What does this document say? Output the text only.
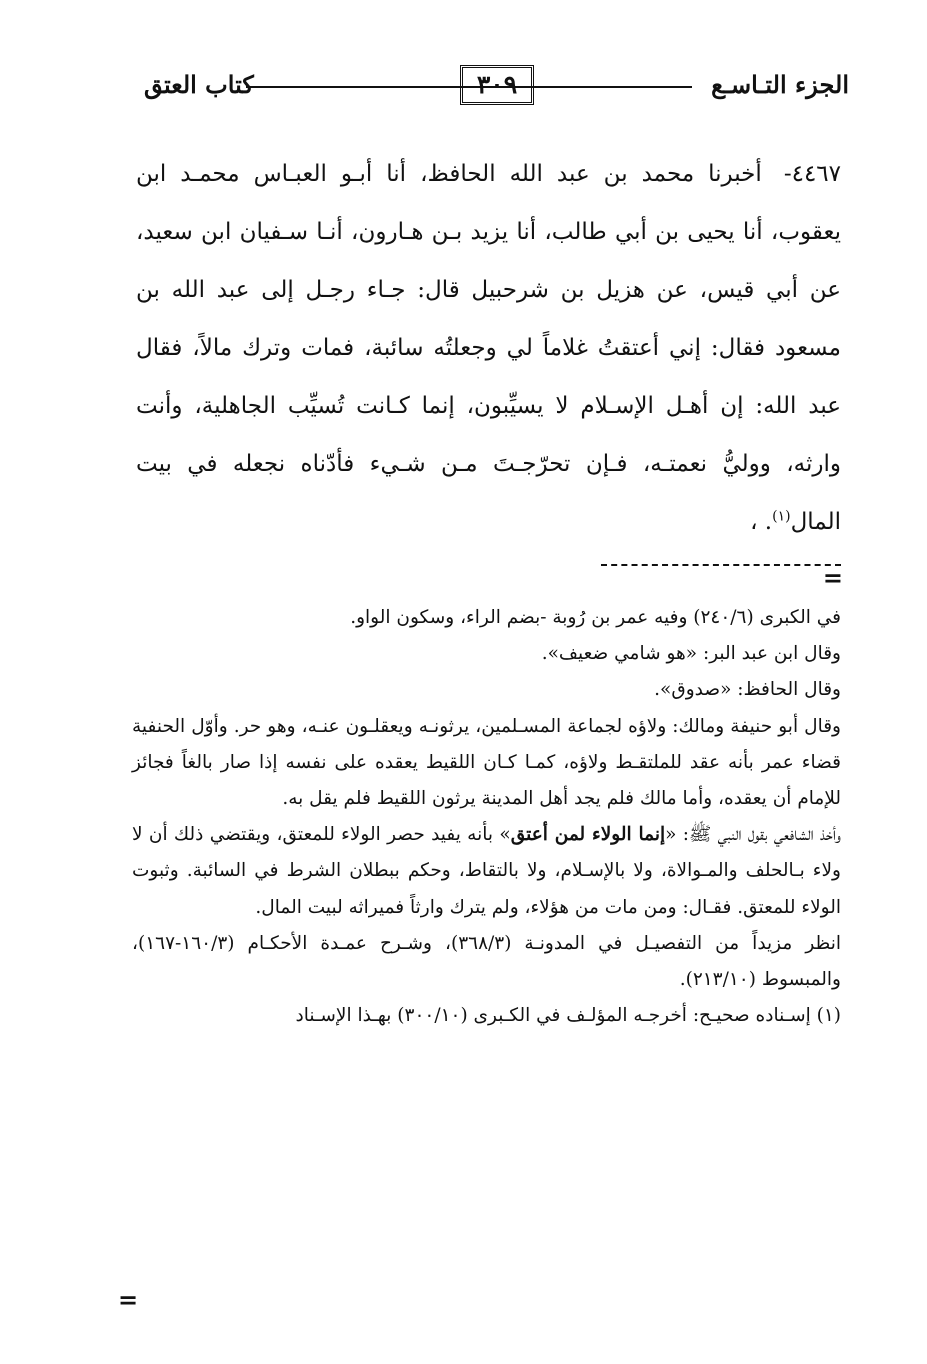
الجزء التـاسـع
٣٠٩
كتاب العتق

٤٤٦٧- أخبرنا محمد بن عبد الله الحافظ، أنا أبـو العبـاس محمـد ابن يعقوب، أنا يحيى بن أبي طالب، أنا يزيد بـن هـارون، أنـا سـفيان ابن سعيد، عن أبي قيس، عن هزيل بن شرحبيل قال: جـاء رجـل إلى عبد الله بن مسعود فقال: إني أعتقتُ غلاماً لي وجعلتُه سائبة، فمات وترك مالاً، فقال عبد الله: إن أهـل الإسـلام لا يسيِّبون، إنما كـانت تُسيِّب الجاهلية، وأنت وارثه، ووليُّ نعمتـه، فـإن تحرّجـتَ مـن شـيء فأدّناه نجعله في بيت المال$^{(١)}$. ،

=

في الكبرى (٢٤٠/٦) وفيه عمر بن رُوبة -بضم الراء، وسكون الواو.

وقال ابن عبد البر: «هو شامي ضعيف».

وقال الحافظ: «صدوق».

وقال أبو حنيفة ومالك: ولاؤه لجماعة المسـلمين، يرثونـه ويعقلـون عنـه، وهو حر. وأوّل الحنفية قضاء عمر بأنه عقد للملتقـط ولاؤه، كمـا كـان اللقيط يعقده على نفسه إذا صار بالغاً فجائز للإمام أن يعقده، وأما مالك فلم يجد أهل المدينة يرثون اللقيط فلم يقل به.

وأخذ الشافعي بقول النبي ﷺ: «إنما الولاء لمن أعتق» بأنه يفيد حصر الولاء للمعتق، ويقتضي ذلك أن لا ولاء بـالحلف والمـوالاة، ولا بالإسـلام، ولا بالتقاط، وحكم ببطلان الشرط في السائبة. وثبوت الولاء للمعتق. فقـال: ومن مات من هؤلاء، ولم يترك وارثاً فميراثه لبيت المال.

انظر مزيداً من التفصيـل في المدونـة (٣٦٨/٣)، وشـرح عمـدة الأحكـام (١٦٠/٣-١٦٧)، والمبسوط (٢١٣/١٠).

(١) إسـناده صحيـح: أخرجـه المؤلـف في الكـبرى (٣٠٠/١٠) بهـذا الإسـناد

=
